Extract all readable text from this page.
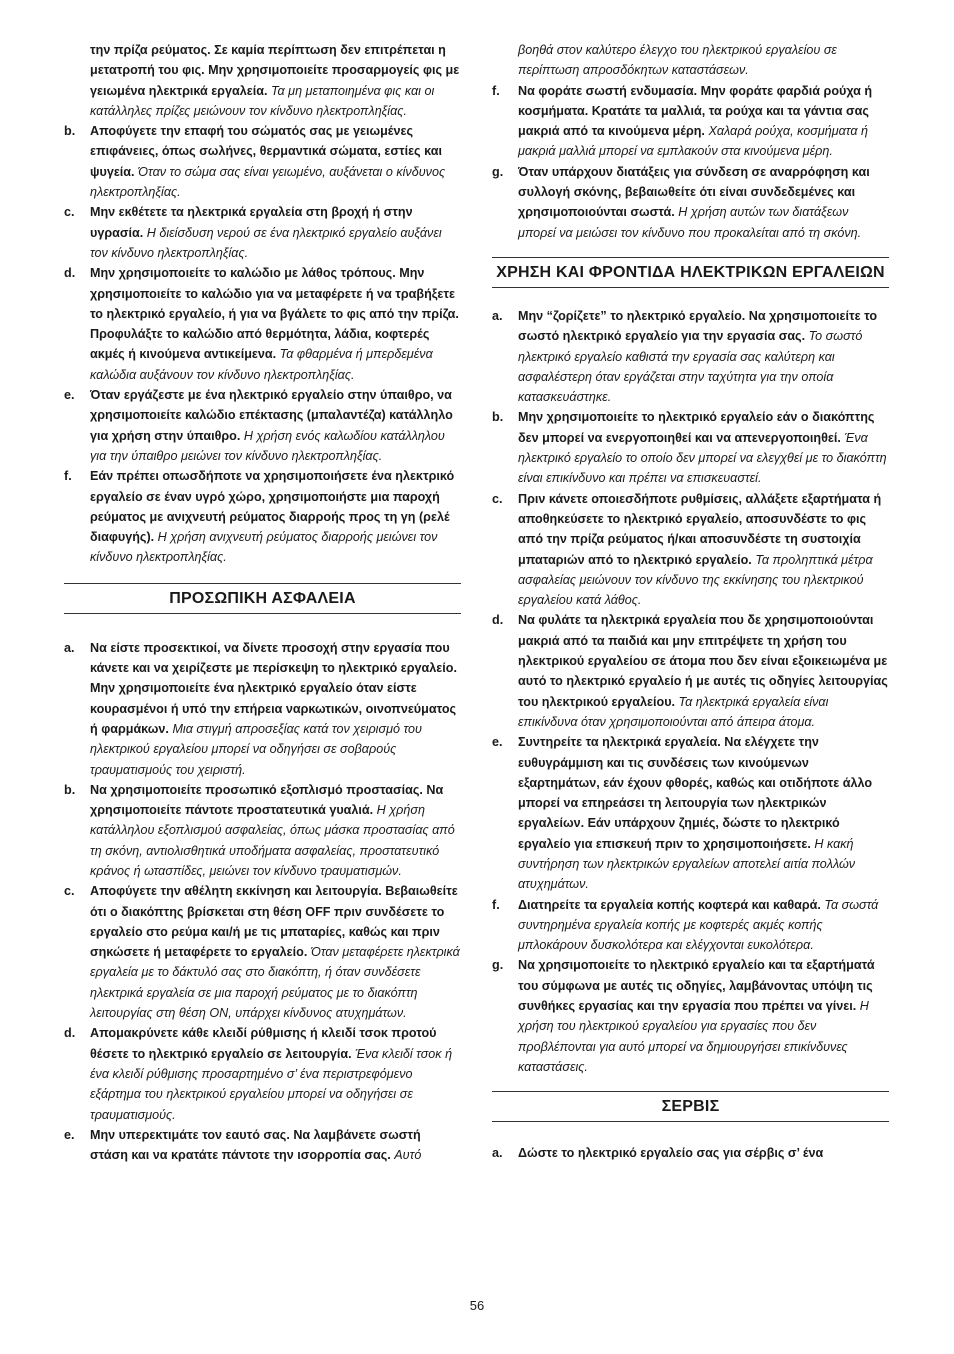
την πρίζα ρεύματος. Σε καμία περίπτωση δεν επιτρέπεται η μετατροπή του φις. Μην χρησιμοποιείτε προσαρμογείς φις με γειωμένα ηλεκτρικά εργαλεία. Τα μη μεταποιημένα φις και οι κατάλληλες πρίζες μειώνουν τον κίνδυνο ηλεκτροπληξίας.
b.	Αποφύγετε την επαφή του σώματός σας με γειωμένες επιφάνειες, όπως σωλήνες, θερμαντικά σώματα, εστίες και ψυγεία. Όταν το σώμα σας είναι γειωμένο, αυξάνεται ο κίνδυνος ηλεκτροπληξίας.
c.	Μην εκθέτετε τα ηλεκτρικά εργαλεία στη βροχή ή στην υγρασία. Η διείσδυση νερού σε ένα ηλεκτρικό εργαλείο αυξάνει τον κίνδυνο ηλεκτροπληξίας.
d.	Μην χρησιμοποιείτε το καλώδιο με λάθος τρόπους. Μην χρησιμοποιείτε το καλώδιο για να μεταφέρετε ή να τραβήξετε το ηλεκτρικό εργαλείο, ή για να βγάλετε το φις από την πρίζα. Προφυλάξτε το καλώδιο από θερμότητα, λάδια, κοφτερές ακμές ή κινούμενα αντικείμενα. Τα φθαρμένα ή μπερδεμένα καλώδια αυξάνουν τον κίνδυνο ηλεκτροπληξίας.
e.	Όταν εργάζεστε με ένα ηλεκτρικό εργαλείο στην ύπαιθρο, να χρησιμοποιείτε καλώδιο επέκτασης (μπαλαντέζα) κατάλληλο για χρήση στην ύπαιθρο. Η χρήση ενός καλωδίου κατάλληλου για την ύπαιθρο μειώνει τον κίνδυνο ηλεκτροπληξίας.
f.	Εάν πρέπει οπωσδήποτε να χρησιμοποιήσετε ένα ηλεκτρικό εργαλείο σε έναν υγρό χώρο, χρησιμοποιήστε μια παροχή ρεύματος με ανιχνευτή ρεύματος διαρροής προς τη γη (ρελέ διαφυγής). Η χρήση ανιχνευτή ρεύματος διαρροής μειώνει τον κίνδυνο ηλεκτροπληξίας.
ΠΡΟΣΩΠΙΚΗ ΑΣΦΑΛΕΙΑ
a.	Να είστε προσεκτικοί, να δίνετε προσοχή στην εργασία που κάνετε και να χειρίζεστε με περίσκεψη το ηλεκτρικό εργαλείο. Μην χρησιμοποιείτε ένα ηλεκτρικό εργαλείο όταν είστε κουρασμένοι ή υπό την επήρεια ναρκωτικών, οινοπνεύματος ή φαρμάκων. Μια στιγμή απροσεξίας κατά τον χειρισμό του ηλεκτρικού εργαλείου μπορεί να οδηγήσει σε σοβαρούς τραυματισμούς του χειριστή.
b.	Να χρησιμοποιείτε προσωπικό εξοπλισμό προστασίας. Να χρησιμοποιείτε πάντοτε προστατευτικά γυαλιά. Η χρήση κατάλληλου εξοπλισμού ασφαλείας, όπως μάσκα προστασίας από τη σκόνη, αντιολισθητικά υποδήματα ασφαλείας, προστατευτικό κράνος ή ωτασπίδες, μειώνει τον κίνδυνο τραυματισμών.
c.	Αποφύγετε την αθέλητη εκκίνηση και λειτουργία. Βεβαιωθείτε ότι ο διακόπτης βρίσκεται στη θέση OFF πριν συνδέσετε το εργαλείο στο ρεύμα και/ή με τις μπαταρίες, καθώς και πριν σηκώσετε ή μεταφέρετε το εργαλείο. Όταν μεταφέρετε ηλεκτρικά εργαλεία με το δάκτυλό σας στο διακόπτη, ή όταν συνδέσετε ηλεκτρικά εργαλεία σε μια παροχή ρεύματος με το διακόπτη λειτουργίας στη θέση ON, υπάρχει κίνδυνος ατυχημάτων.
d.	Απομακρύνετε κάθε κλειδί ρύθμισης ή κλειδί τσοκ προτού θέσετε το ηλεκτρικό εργαλείο σε λειτουργία. Ένα κλειδί τσοκ ή ένα κλειδί ρύθμισης προσαρτημένο σ’ ένα περιστρεφόμενο εξάρτημα του ηλεκτρικού εργαλείου μπορεί να οδηγήσει σε τραυματισμούς.
e.	Μην υπερεκτιμάτε τον εαυτό σας. Να λαμβάνετε σωστή στάση και να κρατάτε πάντοτε την ισορροπία σας. Αυτό
βοηθά στον καλύτερο έλεγχο του ηλεκτρικού εργαλείου σε περίπτωση απροσδόκητων καταστάσεων.
f.	Να φοράτε σωστή ενδυμασία. Μην φοράτε φαρδιά ρούχα ή κοσμήματα. Κρατάτε τα μαλλιά, τα ρούχα και τα γάντια σας μακριά από τα κινούμενα μέρη. Χαλαρά ρούχα, κοσμήματα ή μακριά μαλλιά μπορεί να εμπλακούν στα κινούμενα μέρη.
g.	Όταν υπάρχουν διατάξεις για σύνδεση σε αναρρόφηση και συλλογή σκόνης, βεβαιωθείτε ότι είναι συνδεδεμένες και χρησιμοποιούνται σωστά. Η χρήση αυτών των διατάξεων μπορεί να μειώσει τον κίνδυνο που προκαλείται από τη σκόνη.
ΧΡΗΣΗ ΚΑΙ ΦΡΟΝΤΙΔΑ ΗΛΕΚΤΡΙΚΩΝ ΕΡΓΑΛΕΙΩΝ
a.	Μην “ζορίζετε” το ηλεκτρικό εργαλείο. Να χρησιμοποιείτε το σωστό ηλεκτρικό εργαλείο για την εργασία σας. Το σωστό ηλεκτρικό εργαλείο καθιστά την εργασία σας καλύτερη και ασφαλέστερη όταν εργάζεται στην ταχύτητα για την οποία κατασκευάστηκε.
b.	Μην χρησιμοποιείτε το ηλεκτρικό εργαλείο εάν ο διακόπτης δεν μπορεί να ενεργοποιηθεί και να απενεργοποιηθεί. Ένα ηλεκτρικό εργαλείο το οποίο δεν μπορεί να ελεγχθεί με το διακόπτη είναι επικίνδυνο και πρέπει να επισκευαστεί.
c.	Πριν κάνετε οποιεσδήποτε ρυθμίσεις, αλλάξετε εξαρτήματα ή αποθηκεύσετε το ηλεκτρικό εργαλείο, αποσυνδέστε το φις από την πρίζα ρεύματος ή/και αποσυνδέστε τη συστοιχία μπαταριών από το ηλεκτρικό εργαλείο. Τα προληπτικά μέτρα ασφαλείας μειώνουν τον κίνδυνο της εκκίνησης του ηλεκτρικού εργαλείου κατά λάθος.
d.	Να φυλάτε τα ηλεκτρικά εργαλεία που δε χρησιμοποιούνται μακριά από τα παιδιά και μην επιτρέψετε τη χρήση του ηλεκτρικού εργαλείου σε άτομα που δεν είναι εξοικειωμένα με αυτό το ηλεκτρικό εργαλείο ή με αυτές τις οδηγίες λειτουργίας του ηλεκτρικού εργαλείου. Τα ηλεκτρικά εργαλεία είναι επικίνδυνα όταν χρησιμοποιούνται από άπειρα άτομα.
e.	Συντηρείτε τα ηλεκτρικά εργαλεία. Να ελέγχετε την ευθυγράμμιση και τις συνδέσεις των κινούμενων εξαρτημάτων, εάν έχουν φθορές, καθώς και οτιδήποτε άλλο μπορεί να επηρεάσει τη λειτουργία των ηλεκτρικών εργαλείων. Εάν υπάρχουν ζημιές, δώστε το ηλεκτρικό εργαλείο για επισκευή πριν το χρησιμοποιήσετε. Η κακή συντήρηση των ηλεκτρικών εργαλείων αποτελεί αιτία πολλών ατυχημάτων.
f.	Διατηρείτε τα εργαλεία κοπής κοφτερά και καθαρά. Τα σωστά συντηρημένα εργαλεία κοπής με κοφτερές ακμές κοπής μπλοκάρουν δυσκολότερα και ελέγχονται ευκολότερα.
g.	Να χρησιμοποιείτε το ηλεκτρικό εργαλείο και τα εξαρτήματά του σύμφωνα με αυτές τις οδηγίες, λαμβάνοντας υπόψη τις συνθήκες εργασίας και την εργασία που πρέπει να γίνει. Η χρήση του ηλεκτρικού εργαλείου για εργασίες που δεν προβλέπονται για αυτό μπορεί να δημιουργήσει επικίνδυνες καταστάσεις.
ΣΕΡΒΙΣ
a.	Δώστε το ηλεκτρικό εργαλείο σας για σέρβις σ’ ένα
56
